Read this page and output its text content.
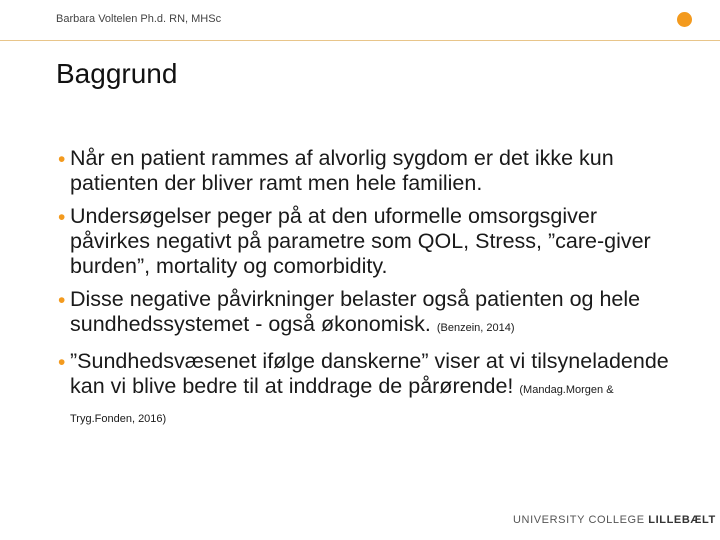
Barbara Voltelen Ph.d. RN, MHSc
Baggrund
• Når en patient rammes af alvorlig sygdom er det ikke kun patienten der bliver ramt men hele familien.
• Undersøgelser peger på at den uformelle omsorgsgiver påvirkes negativt på parametre som QOL, Stress, ”care-giver burden”, mortality og comorbidity.
• Disse negative påvirkninger belaster også patienten og hele sundhedssystemet - også økonomisk. (Benzein, 2014)
• ”Sundhedsvæsenet ifølge danskerne” viser at vi tilsyneladende kan vi blive bedre til at inddrage de pårørende! (Mandag.Morgen & Tryg.Fonden, 2016)
UNIVERSITY COLLEGE LILLEBÆLT
